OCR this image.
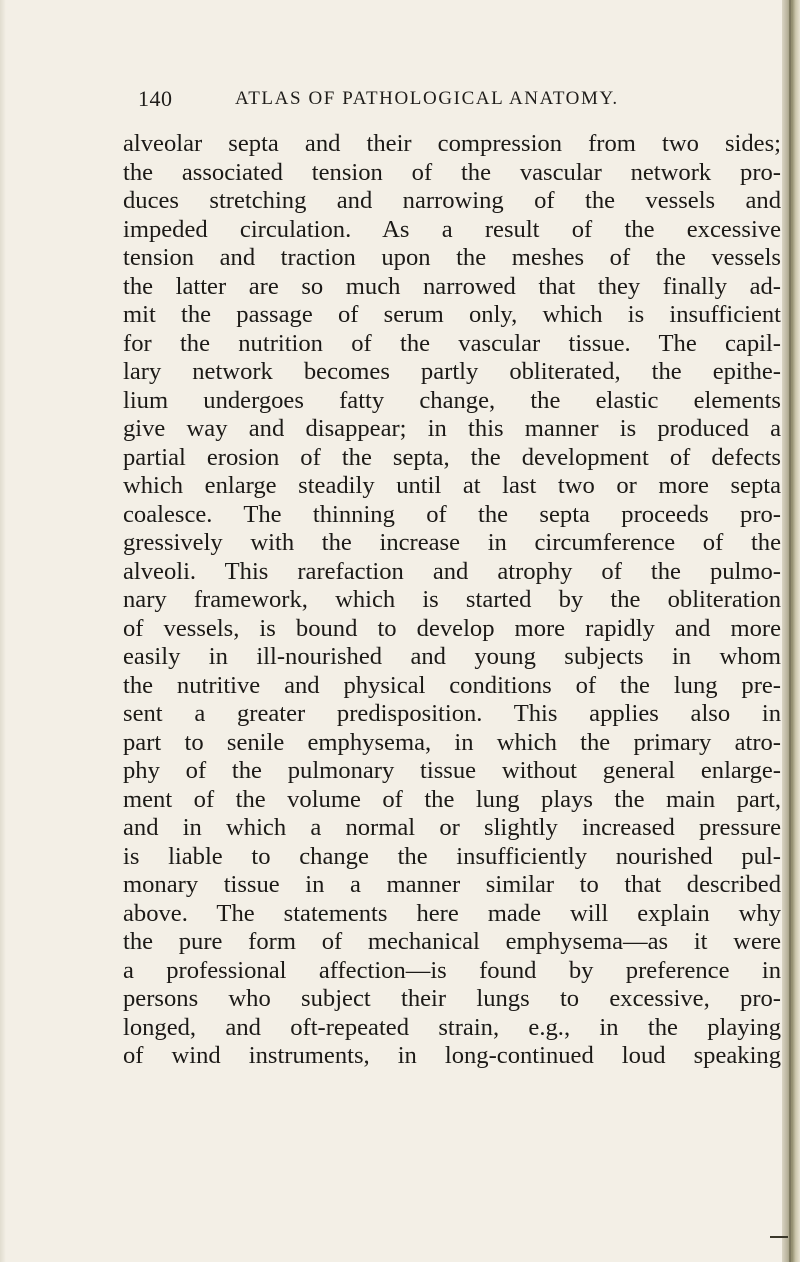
140	ATLAS OF PATHOLOGICAL ANATOMY.
alveolar septa and their compression from two sides;
the associated tension of the vascular network pro-
duces stretching and narrowing of the vessels and
impeded circulation. As a result of the excessive
tension and traction upon the meshes of the vessels
the latter are so much narrowed that they finally ad-
mit the passage of serum only, which is insufficient
for the nutrition of the vascular tissue. The capil-
lary network becomes partly obliterated, the epithe-
lium undergoes fatty change, the elastic elements
give way and disappear; in this manner is produced a
partial erosion of the septa, the development of defects
which enlarge steadily until at last two or more septa
coalesce. The thinning of the septa proceeds pro-
gressively with the increase in circumference of the
alveoli. This rarefaction and atrophy of the pulmo-
nary framework, which is started by the obliteration
of vessels, is bound to develop more rapidly and more
easily in ill-nourished and young subjects in whom
the nutritive and physical conditions of the lung pre-
sent a greater predisposition. This applies also in
part to senile emphysema, in which the primary atro-
phy of the pulmonary tissue without general enlarge-
ment of the volume of the lung plays the main part,
and in which a normal or slightly increased pressure
is liable to change the insufficiently nourished pul-
monary tissue in a manner similar to that described
above. The statements here made will explain why
the pure form of mechanical emphysema—as it were
a professional affection—is found by preference in
persons who subject their lungs to excessive, pro-
longed, and oft-repeated strain, e.g., in the playing
of wind instruments, in long-continued loud speaking
